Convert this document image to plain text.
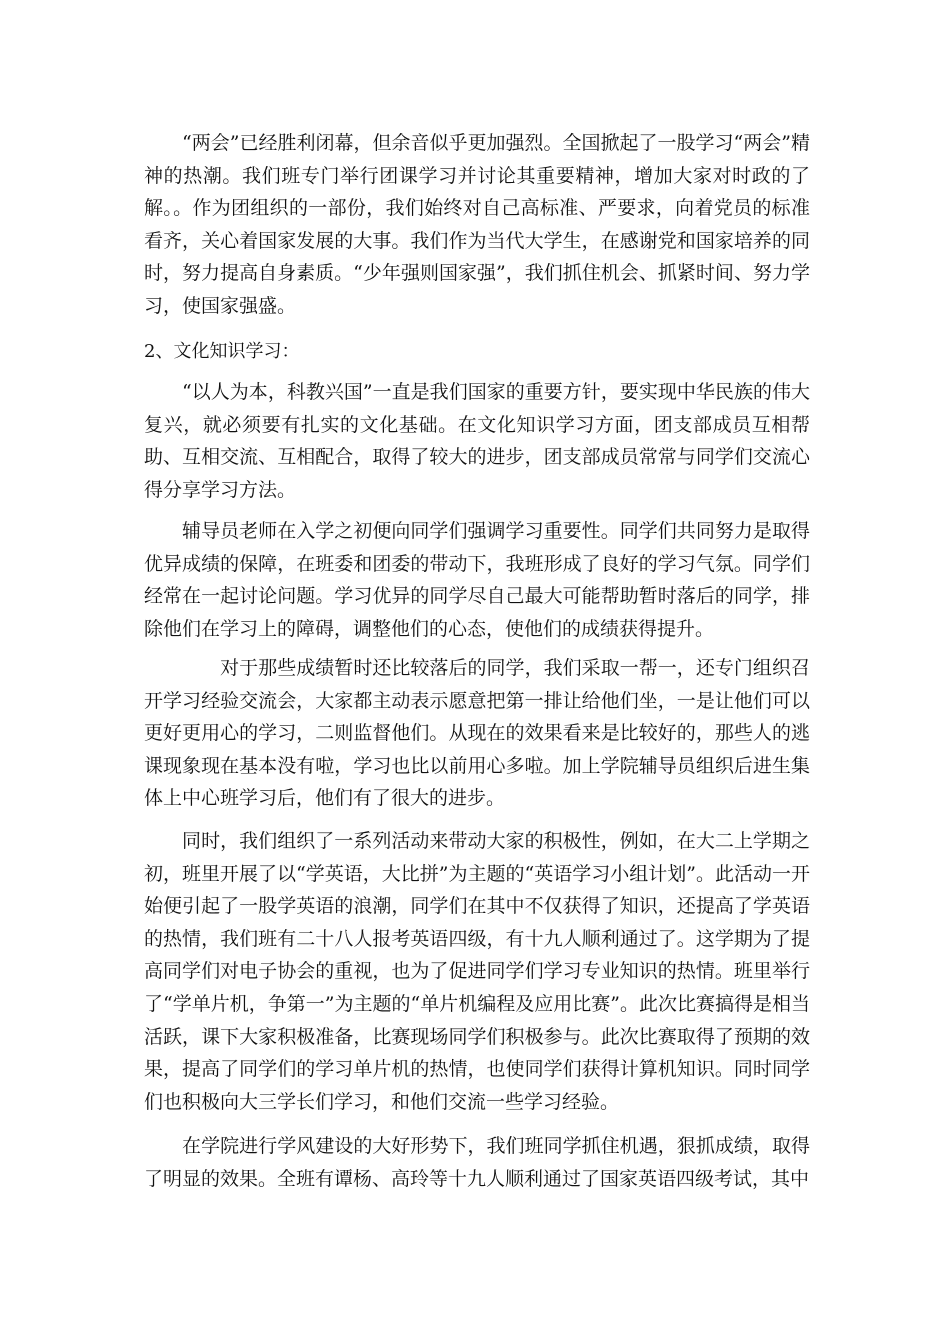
　　“两会”已经胜利闭幕，但余音似乎更加强烈。全国掀起了一股学习“两会”精神的热潮。我们班专门举行团课学习并讨论其重要精神，增加大家对时政的了解。。作为团组织的一部份，我们始终对自己高标准、严要求，向着党员的标准看齐，关心着国家发展的大事。我们作为当代大学生，在感谢党和国家培养的同时，努力提高自身素质。“少年强则国家强”，我们抓住机会、抓紧时间、努力学习，使国家强盛。

2、文化知识学习：

　　“以人为本，科教兴国”一直是我们国家的重要方针，要实现中华民族的伟大复兴，就必须要有扎实的文化基础。在文化知识学习方面，团支部成员互相帮助、互相交流、互相配合，取得了较大的进步，团支部成员常常与同学们交流心得分享学习方法。

　　辅导员老师在入学之初便向同学们强调学习重要性。同学们共同努力是取得优异成绩的保障，在班委和团委的带动下，我班形成了良好的学习气氛。同学们经常在一起讨论问题。学习优异的同学尽自己最大可能帮助暂时落后的同学，排除他们在学习上的障碍，调整他们的心态，使他们的成绩获得提升。

　　　　对于那些成绩暂时还比较落后的同学，我们采取一帮一，还专门组织召开学习经验交流会，大家都主动表示愿意把第一排让给他们坐，一是让他们可以更好更用心的学习，二则监督他们。从现在的效果看来是比较好的，那些人的逃课现象现在基本没有啦，学习也比以前用心多啦。加上学院辅导员组织后进生集体上中心班学习后，他们有了很大的进步。

　　同时，我们组织了一系列活动来带动大家的积极性，例如，在大二上学期之初，班里开展了以“学英语，大比拼”为主题的“英语学习小组计划”。此活动一开始便引起了一股学英语的浪潮，同学们在其中不仅获得了知识，还提高了学英语的热情，我们班有二十八人报考英语四级，有十九人顺利通过了。这学期为了提高同学们对电子协会的重视，也为了促进同学们学习专业知识的热情。班里举行了“学单片机，争第一”为主题的“单片机编程及应用比赛”。此次比赛搞得是相当活跃，课下大家积极准备，比赛现场同学们积极参与。此次比赛取得了预期的效果，提高了同学们的学习单片机的热情，也使同学们获得计算机知识。同时同学们也积极向大三学长们学习，和他们交流一些学习经验。

　　在学院进行学风建设的大好形势下，我们班同学抓住机遇，狠抓成绩，取得了明显的效果。全班有谭杨、高玲等十九人顺利通过了国家英语四级考试，其中
